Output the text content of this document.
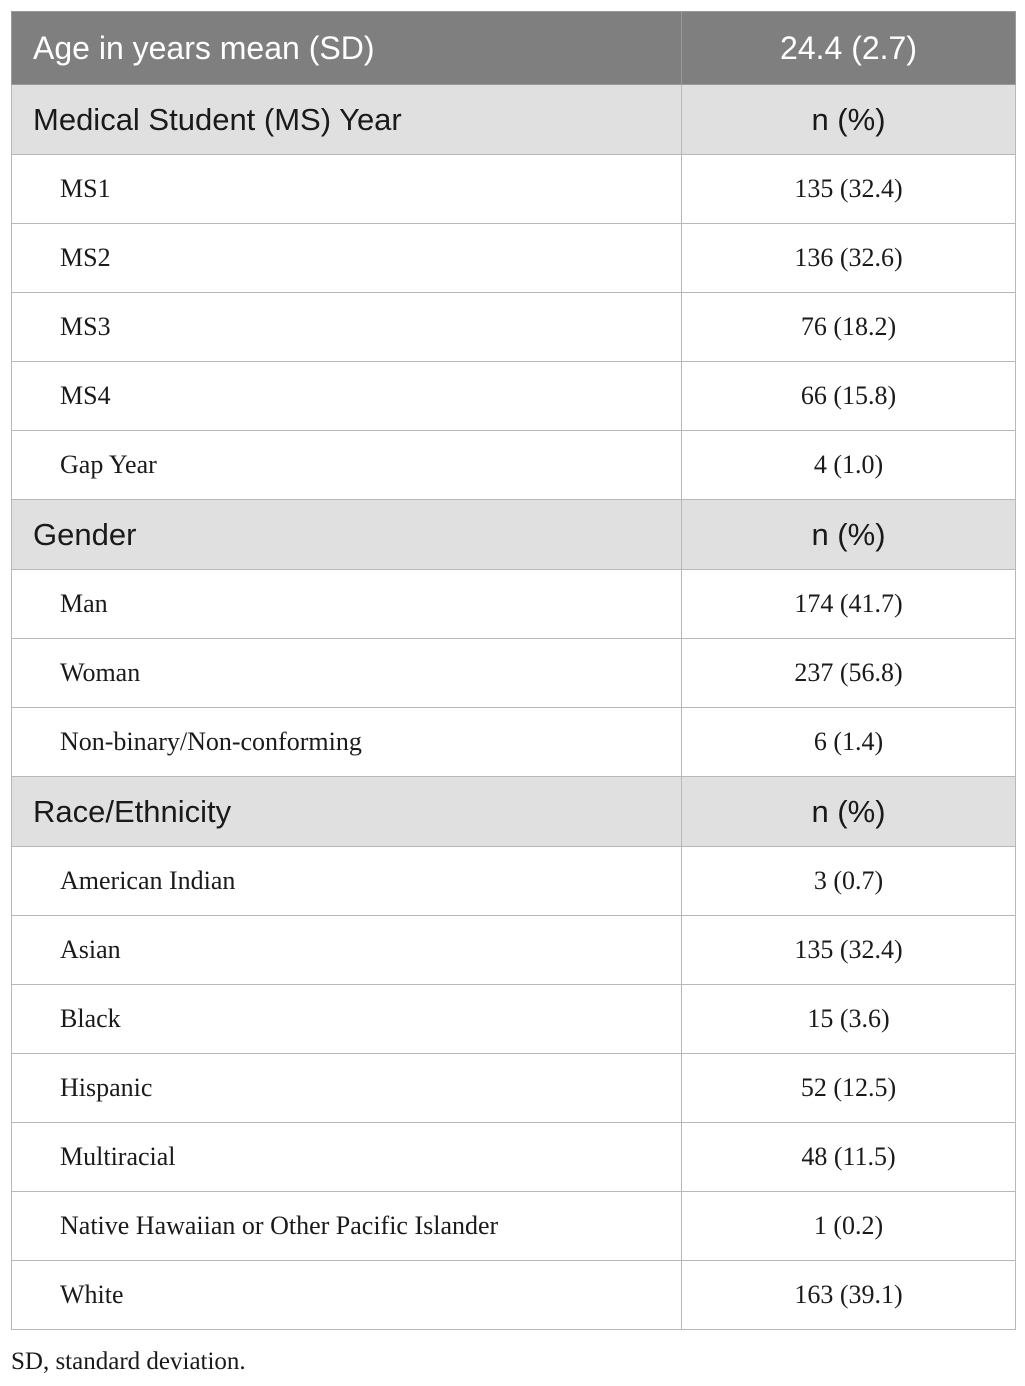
Age in years mean (SD)	24.4 (2.7)
Medical Student (MS) Year	n (%)
MS1	135 (32.4)
MS2	136 (32.6)
MS3	76 (18.2)
MS4	66 (15.8)
Gap Year	4 (1.0)
Gender	n (%)
Man	174 (41.7)
Woman	237 (56.8)
Non-binary/Non-conforming	6 (1.4)
Race/Ethnicity	n (%)
American Indian	3 (0.7)
Asian	135 (32.4)
Black	15 (3.6)
Hispanic	52 (12.5)
Multiracial	48 (11.5)
Native Hawaiian or Other Pacific Islander	1 (0.2)
White	163 (39.1)
SD, standard deviation.
